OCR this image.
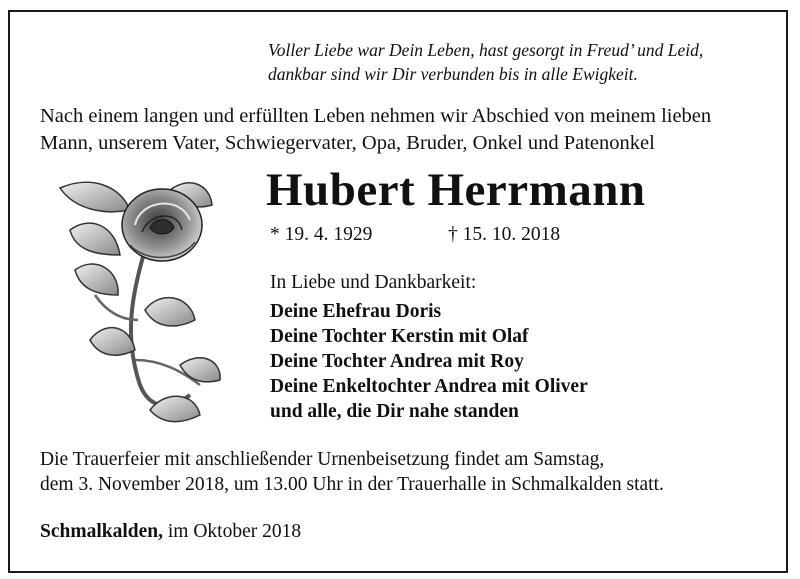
Voller Liebe war Dein Leben, hast gesorgt in Freud’ und Leid,
dankbar sind wir Dir verbunden bis in alle Ewigkeit.
Nach einem langen und erfüllten Leben nehmen wir Abschied von meinem lieben
Mann, unserem Vater, Schwiegervater, Opa, Bruder, Onkel und Patenonkel
Hubert Herrmann
* 19. 4. 1929	† 15. 10. 2018
In Liebe und Dankbarkeit:
Deine Ehefrau Doris
Deine Tochter Kerstin mit Olaf
Deine Tochter Andrea mit Roy
Deine Enkeltochter Andrea mit Oliver
und alle, die Dir nahe standen
Die Trauerfeier mit anschließender Urnenbeisetzung findet am Samstag,
dem 3. November 2018, um 13.00 Uhr in der Trauerhalle in Schmalkalden statt.
Schmalkalden, im Oktober 2018
